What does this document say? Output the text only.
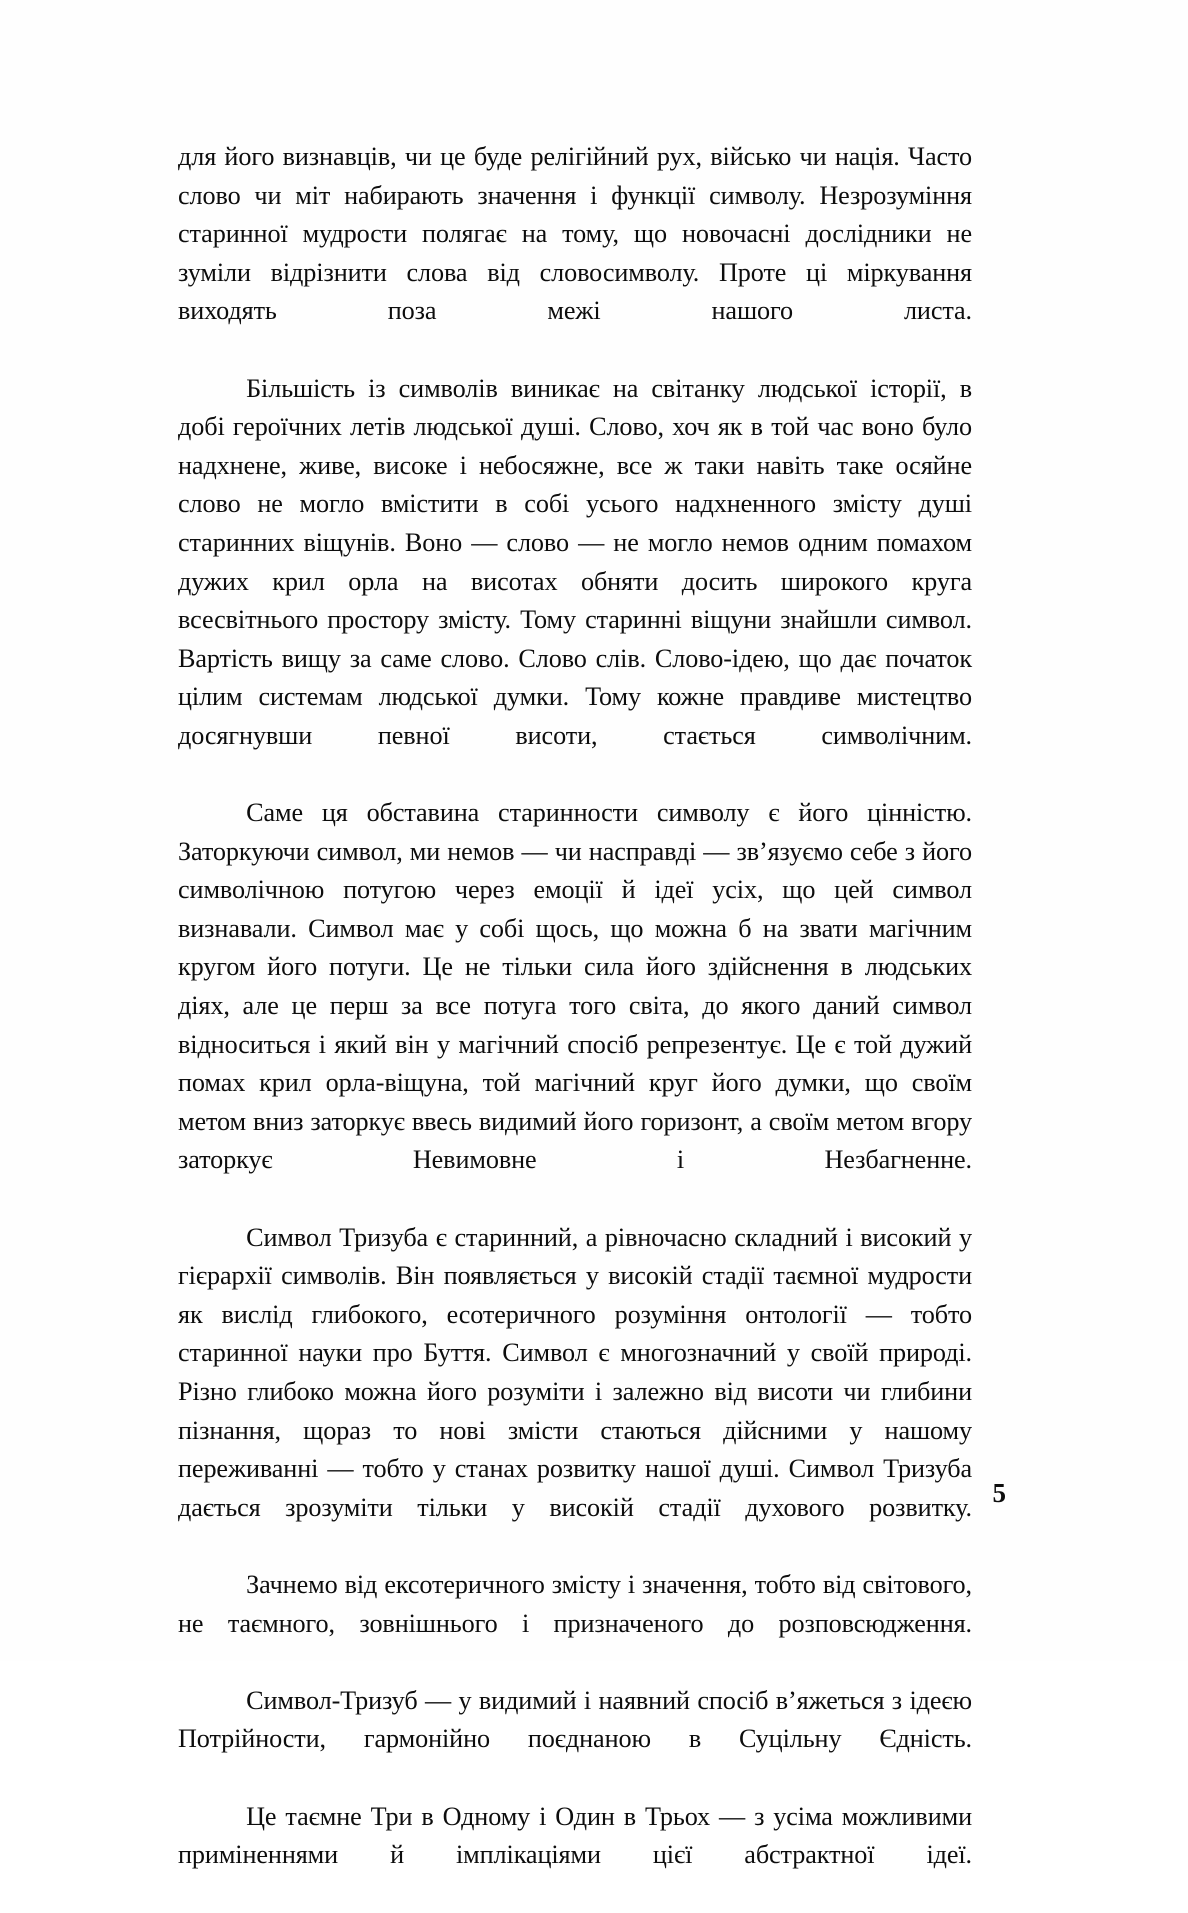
для його визнавців, чи це буде релігійний рух, військо чи нація. Часто слово чи міт набирають значення і функції символу. Незрозуміння старинної мудрости полягає на тому, що новочасні дослідники не зуміли відрізнити слова від словосимволу. Проте ці міркування виходять поза межі нашого листа.

Більшість із символів виникає на світанку людської історії, в добі героїчних летів людської душі. Слово, хоч як в той час воно було надхнене, живе, високе і небосяжне, все ж таки навіть таке осяйне слово не могло вмістити в собі усього надхненного змісту душі старинних віщунів. Воно — слово — не могло немов одним помахом дужих крил орла на висотах обняти досить широкого круга всесвітнього простору змісту. Тому старинні віщуни знайшли символ. Вартість вищу за саме слово. Слово слів. Слово-ідею, що дає початок цілим системам людської думки. Тому кожне правдиве мистецтво досягнувши певної висоти, стається символічним.

Саме ця обставина старинности символу є його цінністю. Заторкуючи символ, ми немов — чи насправді — зв’язуємо себе з його символічною потугою через емоції й ідеї усіх, що цей символ визнавали. Символ має у собі щось, що можна б на звати магічним кругом його потуги. Це не тільки сила його здійснення в людських діях, але це перш за все потуга того світа, до якого даний символ відноситься і який він у магічний спосіб репрезентує. Це є той дужий помах крил орла-віщуна, той магічний круг його думки, що своїм метом вниз заторкує ввесь видимий його горизонт, а своїм метом вгору заторкує Невимовне і Незбагненне.

Символ Тризуба є старинний, а рівночасно складний і високий у гієрархії символів. Він появляється у високій стадії таємної мудрости як вислід глибокого, есотеричного розуміння онтології — тобто старинної науки про Буття. Символ є многозначний у своїй природі. Різно глибоко можна його розуміти і залежно від висоти чи глибини пізнання, щораз то нові змісти стаються дійсними у нашому переживанні — тобто у станах розвитку нашої душі. Символ Тризуба дається зрозуміти тільки у високій стадії духового розвитку.

Зачнемо від ексотеричного змісту і значення, тобто від світового, не таємного, зовнішнього і призначеного до розповсюдження.

Символ-Тризуб — у видимий і наявний спосіб в’яжеться з ідеєю Потрійности, гармонійно поєднаною в Суцільну Єдність.

Це таємне Три в Одному і Один в Трьох — з усіма можливими приміненнями й імплікаціями цієї абстрактної ідеї.

5
